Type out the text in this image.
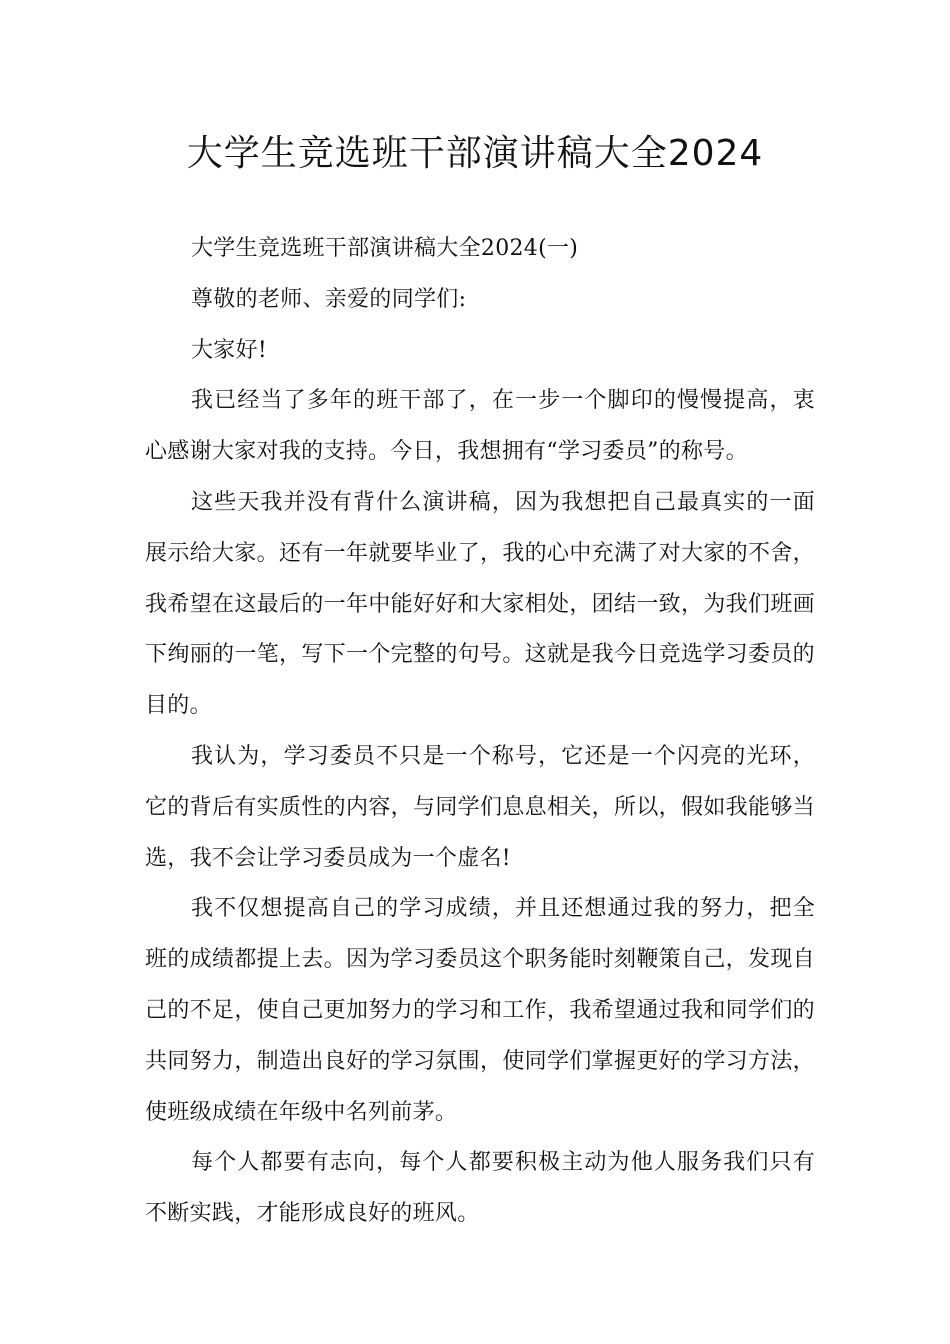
大学生竞选班干部演讲稿大全2024

大学生竞选班干部演讲稿大全2024(一)

尊敬的老师、亲爱的同学们:

大家好!

我已经当了多年的班干部了，在一步一个脚印的慢慢提高，衷心感谢大家对我的支持。今日，我想拥有“学习委员”的称号。

这些天我并没有背什么演讲稿，因为我想把自己最真实的一面展示给大家。还有一年就要毕业了，我的心中充满了对大家的不舍，我希望在这最后的一年中能好好和大家相处，团结一致，为我们班画下绚丽的一笔，写下一个完整的句号。这就是我今日竞选学习委员的目的。

我认为，学习委员不只是一个称号，它还是一个闪亮的光环，它的背后有实质性的内容，与同学们息息相关，所以，假如我能够当选，我不会让学习委员成为一个虚名!

我不仅想提高自己的学习成绩，并且还想通过我的努力，把全班的成绩都提上去。因为学习委员这个职务能时刻鞭策自己，发现自己的不足，使自己更加努力的学习和工作，我希望通过我和同学们的共同努力，制造出良好的学习氛围，使同学们掌握更好的学习方法，使班级成绩在年级中名列前茅。

每个人都要有志向，每个人都要积极主动为他人服务我们只有不断实践，才能形成良好的班风。
